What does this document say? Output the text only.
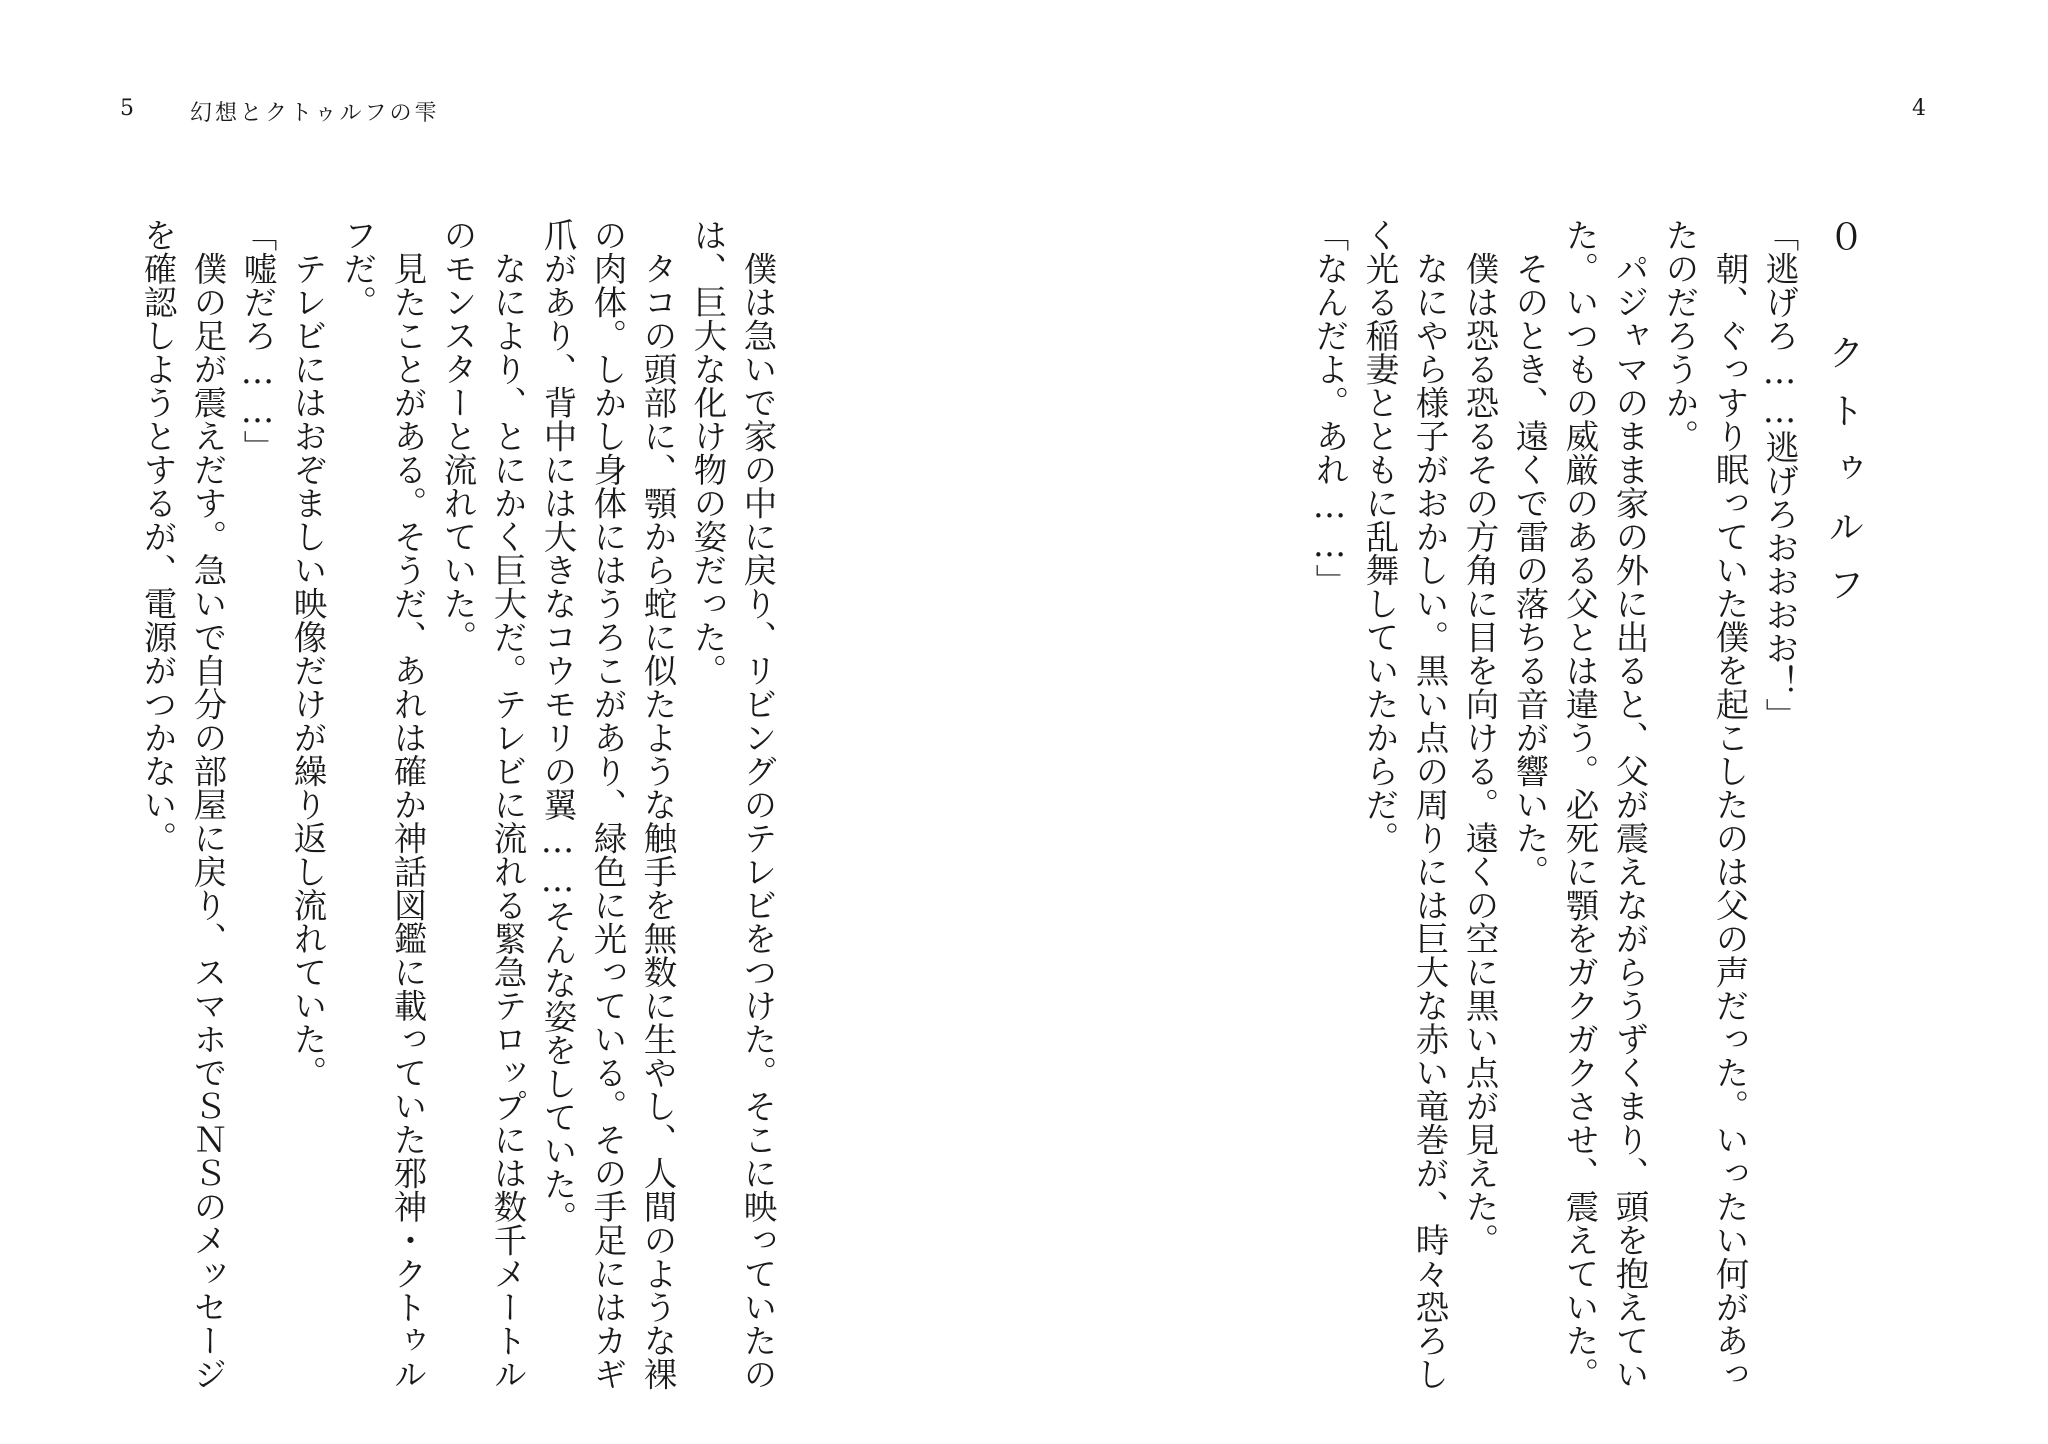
5	幻想とクトゥルフの雫	4
０　クトゥルフ
「逃げろ……逃げろおおおお！」
　朝、ぐっすり眠っていた僕を起こしたのは父の声だった。いったい何があっ
たのだろうか。
　パジャマのまま家の外に出ると、父が震えながらうずくまり、頭を抱えてい
た。いつもの威厳のある父とは違う。必死に顎をガクガクさせ、震えていた。
　そのとき、遠くで雷の落ちる音が響いた。
　僕は恐る恐るその方角に目を向ける。遠くの空に黒い点が見えた。
　なにやら様子がおかしい。黒い点の周りには巨大な赤い竜巻が、時々恐ろし
く光る稲妻とともに乱舞していたからだ。
「なんだよ。あれ……」
　僕は急いで家の中に戻り、リビングのテレビをつけた。そこに映っていたの
は、巨大な化け物の姿だった。
　タコの頭部に、顎から蛇に似たような触手を無数に生やし、人間のような裸
の肉体。しかし身体にはうろこがあり、緑色に光っている。その手足にはカギ
爪があり、背中には大きなコウモリの翼……そんな姿をしていた。
　なにより、とにかく巨大だ。テレビに流れる緊急テロップには数千メートル
のモンスターと流れていた。
　見たことがある。そうだ、あれは確か神話図鑑に載っていた邪神・クトゥル
フだ。
　テレビにはおぞましい映像だけが繰り返し流れていた。
「嘘だろ……」
　僕の足が震えだす。急いで自分の部屋に戻り、スマホでＳＮＳのメッセージ
を確認しようとするが、電源がつかない。
